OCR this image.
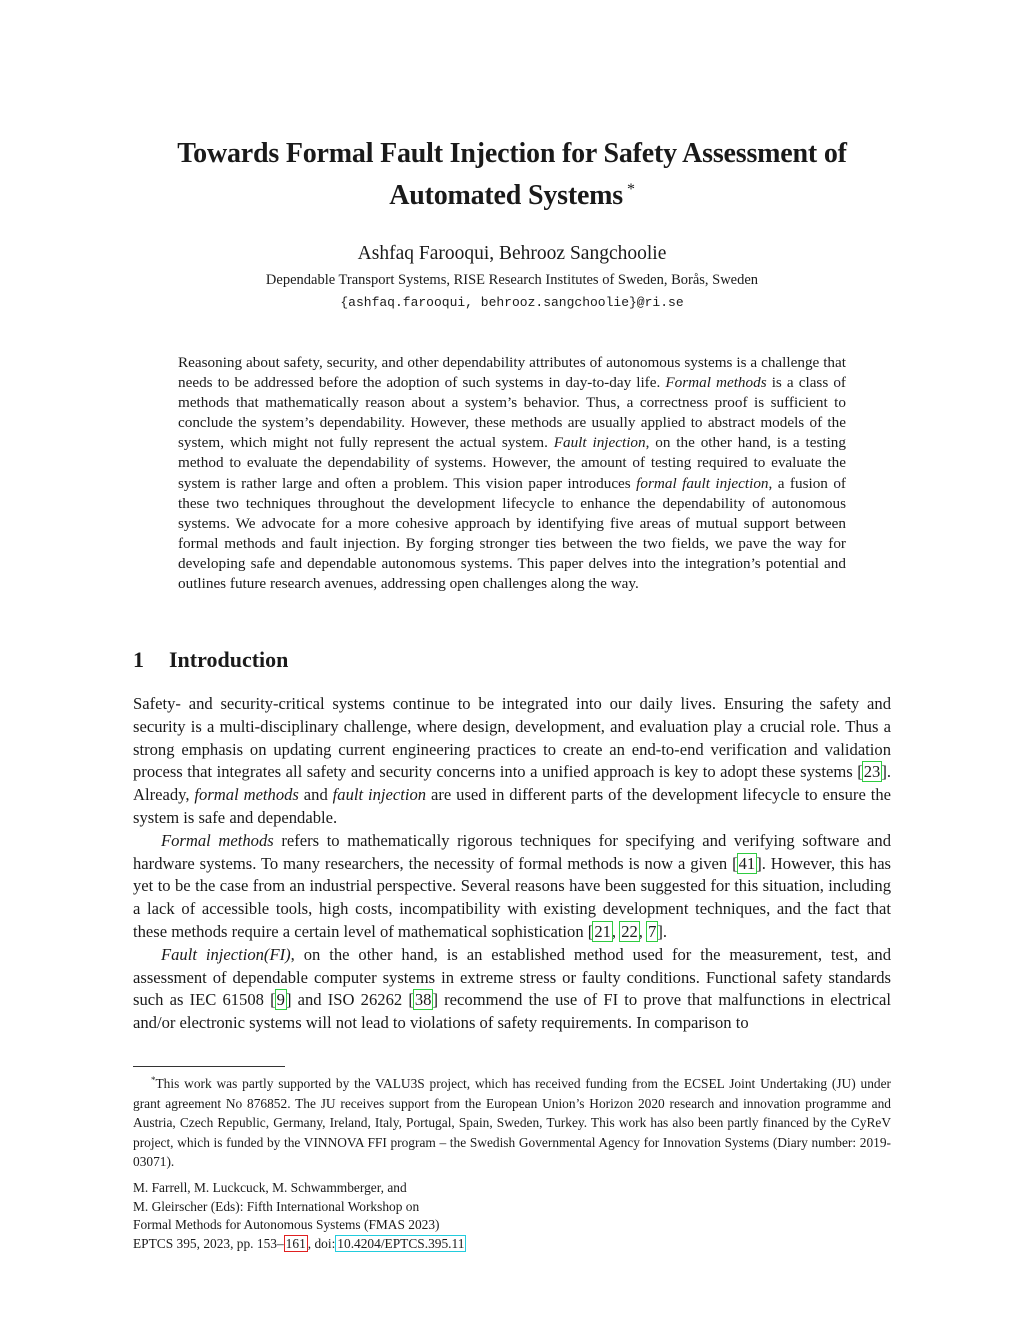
Towards Formal Fault Injection for Safety Assessment of
Automated Systems *
Ashfaq Farooqui, Behrooz Sangchoolie
Dependable Transport Systems, RISE Research Institutes of Sweden, Borås, Sweden
{ashfaq.farooqui, behrooz.sangchoolie}@ri.se

Reasoning about safety, security, and other dependability attributes of autonomous systems is a challenge that needs to be addressed before the adoption of such systems in day-to-day life. Formal methods is a class of methods that mathematically reason about a system’s behavior. Thus, a correctness proof is sufficient to conclude the system’s dependability. However, these methods are usually applied to abstract models of the system, which might not fully represent the actual system. Fault injection, on the other hand, is a testing method to evaluate the dependability of systems. However, the amount of testing required to evaluate the system is rather large and often a problem. This vision paper introduces formal fault injection, a fusion of these two techniques throughout the development lifecycle to enhance the dependability of autonomous systems. We advocate for a more cohesive approach by identifying five areas of mutual support between formal methods and fault injection. By forging stronger ties between the two fields, we pave the way for developing safe and dependable autonomous systems. This paper delves into the integration’s potential and outlines future research avenues, addressing open challenges along the way.

1 Introduction

Safety- and security-critical systems continue to be integrated into our daily lives. Ensuring the safety and security is a multi-disciplinary challenge, where design, development, and evaluation play a crucial role. Thus a strong emphasis on updating current engineering practices to create an end-to-end verification and validation process that integrates all safety and security concerns into a unified approach is key to adopt these systems [23]. Already, formal methods and fault injection are used in different parts of the development lifecycle to ensure the system is safe and dependable.

Formal methods refers to mathematically rigorous techniques for specifying and verifying software and hardware systems. To many researchers, the necessity of formal methods is now a given [41]. However, this has yet to be the case from an industrial perspective. Several reasons have been suggested for this situation, including a lack of accessible tools, high costs, incompatibility with existing development techniques, and the fact that these methods require a certain level of mathematical sophistication [21, 22, 7].

Fault injection(FI), on the other hand, is an established method used for the measurement, test, and assessment of dependable computer systems in extreme stress or faulty conditions. Functional safety standards such as IEC 61508 [9] and ISO 26262 [38] recommend the use of FI to prove that malfunctions in electrical and/or electronic systems will not lead to violations of safety requirements. In comparison to

*This work was partly supported by the VALU3S project, which has received funding from the ECSEL Joint Undertaking (JU) under grant agreement No 876852. The JU receives support from the European Union’s Horizon 2020 research and innovation programme and Austria, Czech Republic, Germany, Ireland, Italy, Portugal, Spain, Sweden, Turkey. This work has also been partly financed by the CyReV project, which is funded by the VINNOVA FFI program – the Swedish Governmental Agency for Innovation Systems (Diary number: 2019-03071).

M. Farrell, M. Luckcuck, M. Schwammberger, and
M. Gleirscher (Eds): Fifth International Workshop on
Formal Methods for Autonomous Systems (FMAS 2023)
EPTCS 395, 2023, pp. 153– 161 , doi: 10.4204/EPTCS.395.11
